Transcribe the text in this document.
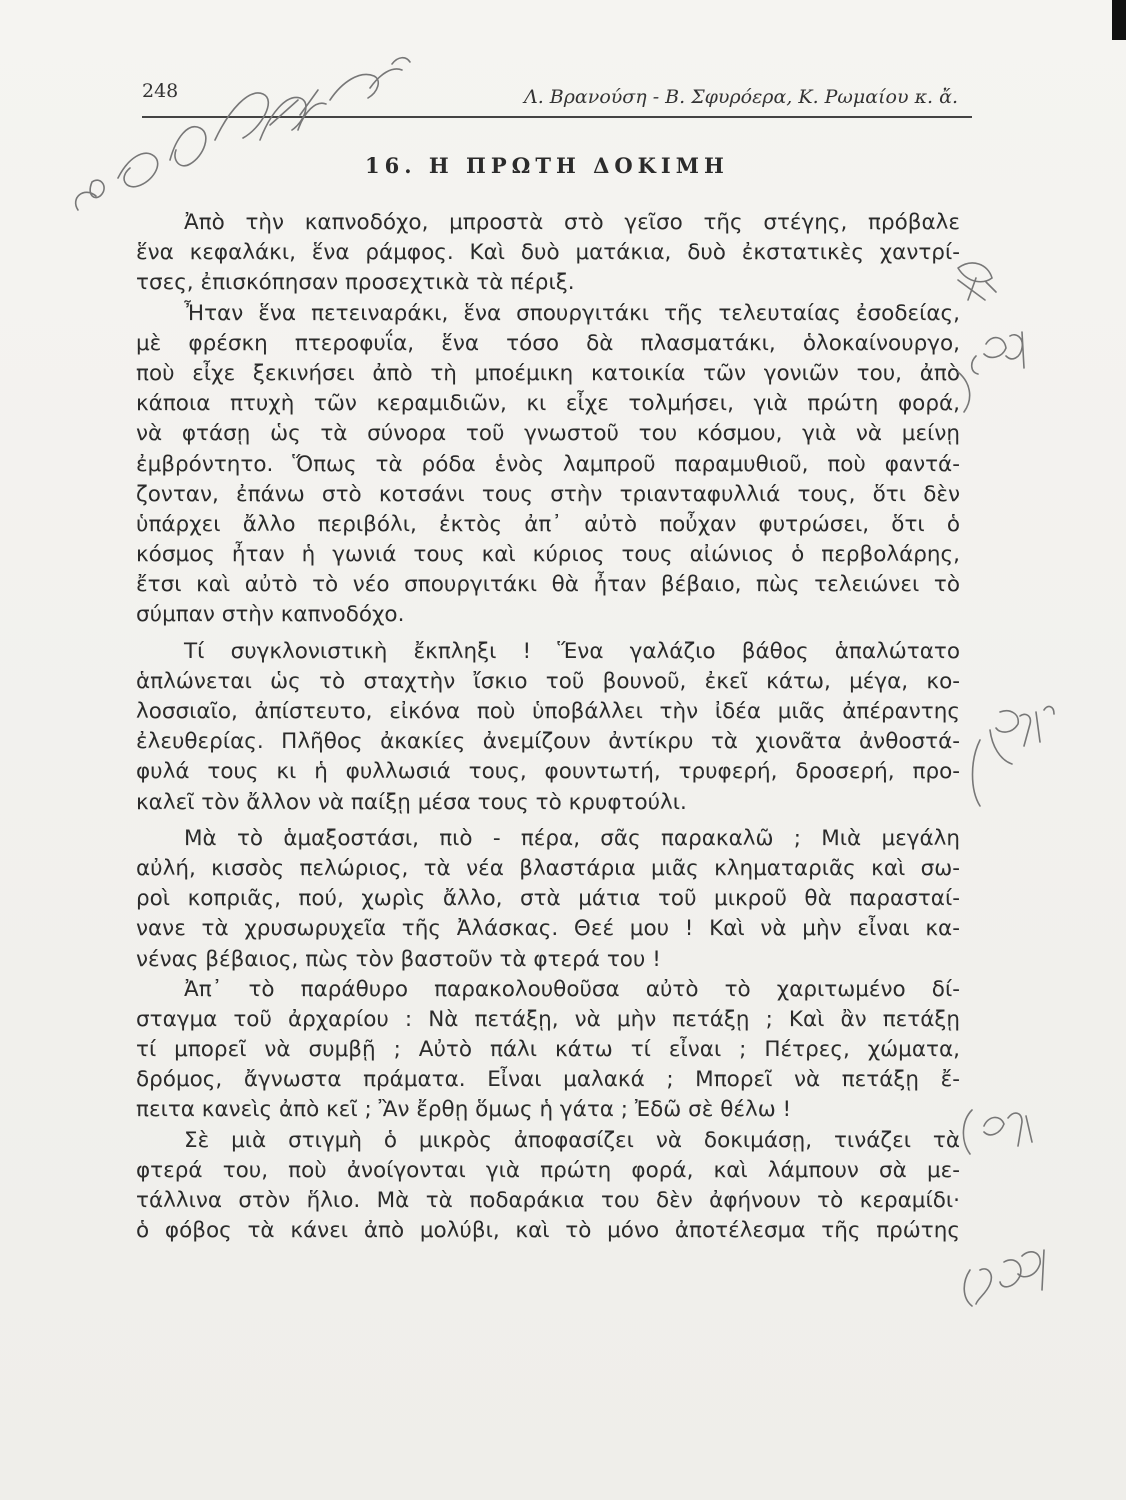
248	Λ. Βρανούση - Β. Σφυρόερα, Κ. Ρωμαίου κ. ἄ.
16. Η ΠΡΩΤΗ ΔΟΚΙΜΗ

Ἀπὸ τὴν καπνοδόχο, μπροστὰ στὸ γεῖσο τῆς στέγης, πρόβαλε
ἕνα κεφαλάκι, ἕνα ράμφος. Καὶ δυὸ ματάκια, δυὸ ἐκστατικὲς χαντρί-
τσες, ἐπισκόπησαν προσεχτικὰ τὰ πέριξ.

Ἦταν ἕνα πετειναράκι, ἕνα σπουργιτάκι τῆς τελευταίας ἐσοδείας,
μὲ φρέσκη πτεροφυΐα, ἕνα τόσο δὰ πλασματάκι, ὁλοκαίνουργο,
ποὺ εἶχε ξεκινήσει ἀπὸ τὴ μποέμικη κατοικία τῶν γονιῶν του, ἀπὸ
κάποια πτυχὴ τῶν κεραμιδιῶν, κι εἶχε τολμήσει, γιὰ πρώτη φορά,
νὰ φτάσῃ ὡς τὰ σύνορα τοῦ γνωστοῦ του κόσμου, γιὰ νὰ μείνῃ
ἐμβρόντητο. Ὅπως τὰ ρόδα ἑνὸς λαμπροῦ παραμυθιοῦ, ποὺ φαντά-
ζονταν, ἐπάνω στὸ κοτσάνι τους στὴν τριανταφυλλιά τους, ὅτι δὲν
ὑπάρχει ἄλλο περιβόλι, ἐκτὸς ἀπ᾽ αὐτὸ ποὖχαν φυτρώσει, ὅτι ὁ
κόσμος ἦταν ἡ γωνιά τους καὶ κύριος τους αἰώνιος ὁ περβολάρης,
ἔτσι καὶ αὐτὸ τὸ νέο σπουργιτάκι θὰ ἦταν βέβαιο, πὼς τελειώνει τὸ
σύμπαν στὴν καπνοδόχο.

Τί συγκλονιστικὴ ἔκπληξι ! Ἕνα γαλάζιο βάθος ἁπαλώτατο
ἁπλώνεται ὡς τὸ σταχτὴν ἴσκιο τοῦ βουνοῦ, ἐκεῖ κάτω, μέγα, κο-
λοσσιαῖο, ἀπίστευτο, εἰκόνα ποὺ ὑποβάλλει τὴν ἰδέα μιᾶς ἀπέραντης
ἐλευθερίας. Πλῆθος ἀκακίες ἀνεμίζουν ἀντίκρυ τὰ χιονᾶτα ἀνθοστά-
φυλά τους κι ἡ φυλλωσιά τους, φουντωτή, τρυφερή, δροσερή, προ-
καλεῖ τὸν ἄλλον νὰ παίξῃ μέσα τους τὸ κρυφτούλι.

Μὰ τὸ ἁμαξοστάσι, πιὸ - πέρα, σᾶς παρακαλῶ ; Μιὰ μεγάλη
αὐλή, κισσὸς πελώριος, τὰ νέα βλαστάρια μιᾶς κληματαριᾶς καὶ σω-
ροὶ κοπριᾶς, πού, χωρὶς ἄλλο, στὰ μάτια τοῦ μικροῦ θὰ παρασταί-
νανε τὰ χρυσωρυχεῖα τῆς Ἀλάσκας. Θεέ μου ! Καὶ νὰ μὴν εἶναι κα-
νένας βέβαιος, πὼς τὸν βαστοῦν τὰ φτερά του !

Ἀπ᾽ τὸ παράθυρο παρακολουθοῦσα αὐτὸ τὸ χαριτωμένο δί-
σταγμα τοῦ ἀρχαρίου : Νὰ πετάξῃ, νὰ μὴν πετάξῃ ; Καὶ ἂν πετάξῃ
τί μπορεῖ νὰ συμβῇ ; Αὐτὸ πάλι κάτω τί εἶναι ; Πέτρες, χώματα,
δρόμος, ἄγνωστα πράματα. Εἶναι μαλακά ; Μπορεῖ νὰ πετάξῃ ἔ-
πειτα κανεὶς ἀπὸ κεῖ ; Ἂν ἔρθῃ ὅμως ἡ γάτα ; Ἐδῶ σὲ θέλω !

Σὲ μιὰ στιγμὴ ὁ μικρὸς ἀποφασίζει νὰ δοκιμάσῃ, τινάζει τὰ
φτερά του, ποὺ ἀνοίγονται γιὰ πρώτη φορά, καὶ λάμπουν σὰ με-
τάλλινα στὸν ἥλιο. Μὰ τὰ ποδαράκια του δὲν ἀφήνουν τὸ κεραμίδι·
ὁ φόβος τὰ κάνει ἀπὸ μολύβι, καὶ τὸ μόνο ἀποτέλεσμα τῆς πρώτης
